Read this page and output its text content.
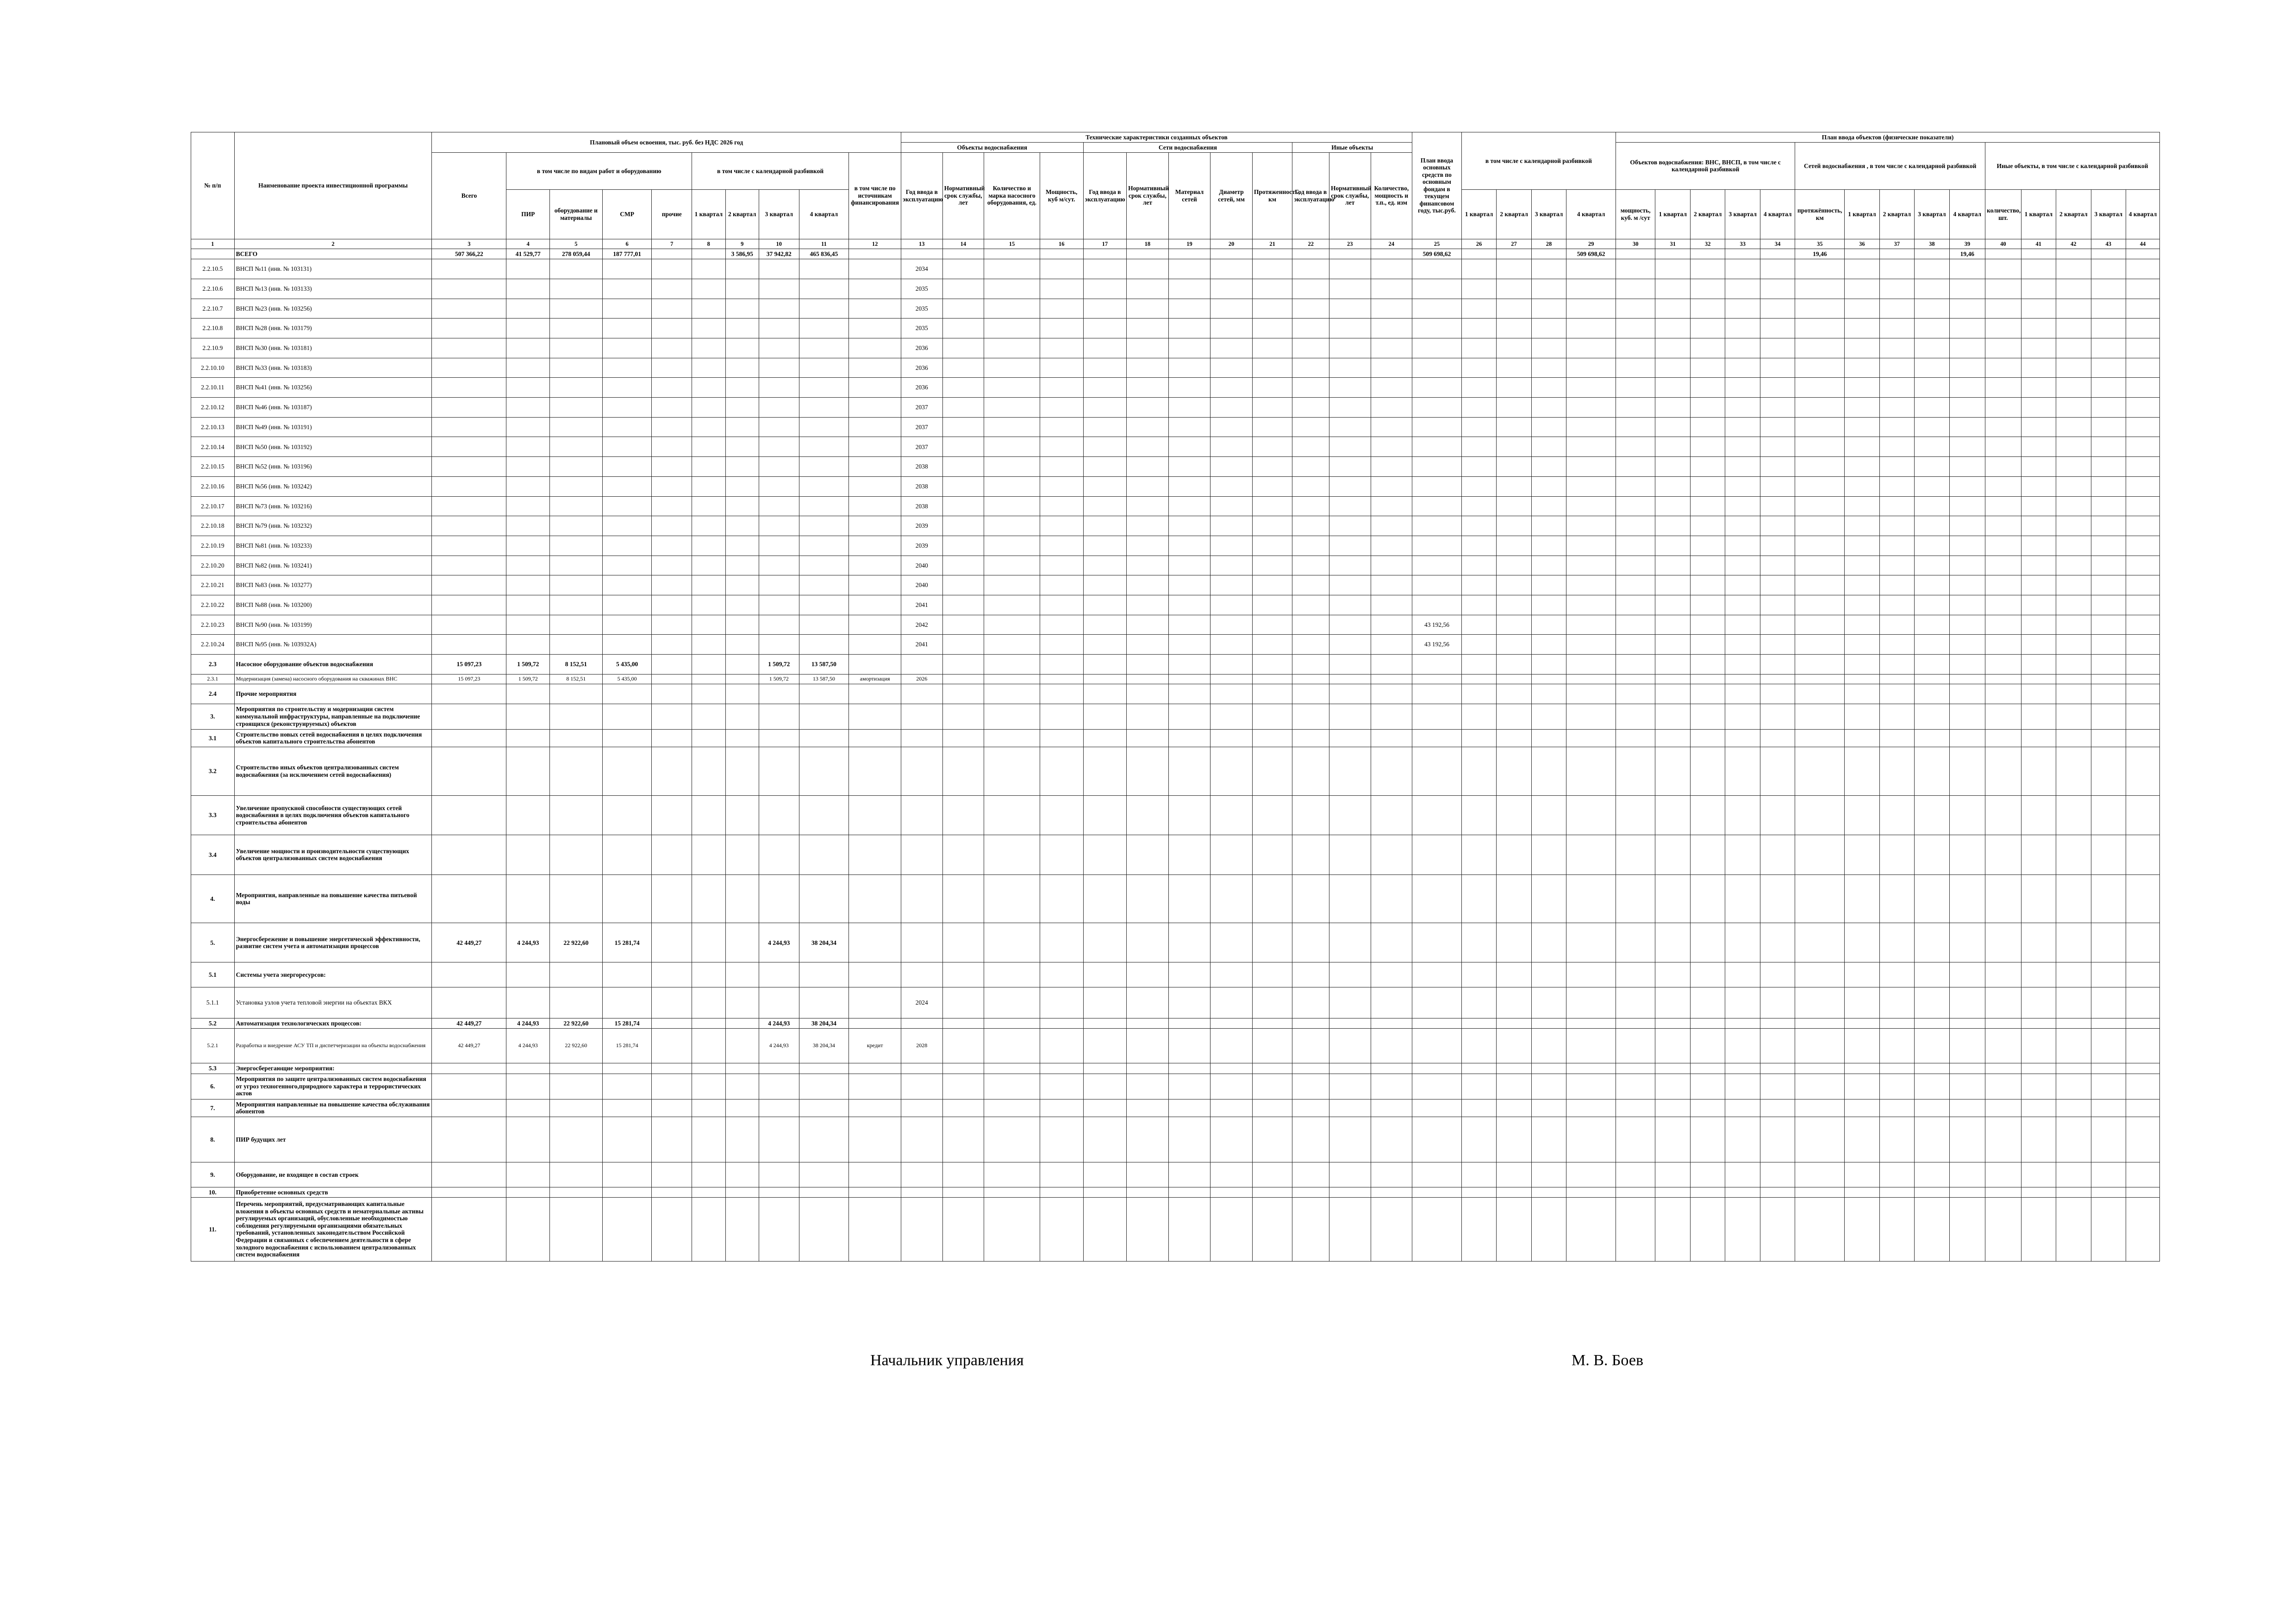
№ п/п	Наименование проекта инвестиционной программы	Плановый объем освоения, тыс. руб. без НДС 2026 год										Технические характеристики созданных объектов												План ввода основных средств по основным фондам в текущем финансовом году, тыс.руб.	в том числе с календарной разбивкой				План ввода объектов (физические показатели)														
												Объекты водоснабжения				Сети водоснабжения					Иные объекты								Объектов водоснабжения: ВНС, ВНСП, в том числе с календарной разбивкой					Сетей водоснабжения , в том числе с календарной разбивкой					Иные объекты, в том числе с календарной разбивкой				
		Всего	в том числе по видам работ и оборудованию				в том числе с календарной разбивкой				в том числе по источникам финансирования	Год ввода в эксплуатацию	Нормативный срок службы, лет	Количество и марка насосного оборудования, ед.	Мощность, куб м/сут.	Год ввода в эксплуатацию	Нормативный срок службы, лет	Материал сетей	Диаметр сетей, мм	Протяженность, км	Год ввода в эксплуатацию	Нормативный срок службы, лет	Количество, мощность и т.п., ед. изм																				
			ПИР	оборудование и материалы	СМР	прочие	1 квартал	2 квартал	3 квартал	4 квартал															1 квартал	2 квартал	3 квартал	4 квартал	мощность, куб. м /сут	1 квартал	2 квартал	3 квартал	4 квартал	протяжённость, км	1 квартал	2 квартал	3 квартал	4 квартал	количество, шт.	1 квартал	2 квартал	3 квартал	4 квартал
1	2	3	4	5	6	7	8	9	10	11	12	13	14	15	16	17	18	19	20	21	22	23	24	25	26	27	28	29	30	31	32	33	34	35	36	37	38	39	40	41	42	43	44
	ВСЕГО	507 366,22	41 529,77	278 059,44	187 777,01			3 586,95	37 942,82	465 836,45														509 698,62				509 698,62						19,46				19,46					
2.2.10.5	ВНСП №11 (инв. № 103131)											2034																															
2.2.10.6	ВНСП №13 (инв. № 103133)											2035																															
2.2.10.7	ВНСП №23 (инв. № 103256)											2035																															
2.2.10.8	ВНСП №28 (инв. № 103179)											2035																															
2.2.10.9	ВНСП №30 (инв. № 103181)											2036																															
2.2.10.10	ВНСП №33 (инв. № 103183)											2036																															
2.2.10.11	ВНСП №41 (инв. № 103256)											2036																															
2.2.10.12	ВНСП №46 (инв. № 103187)											2037																															
2.2.10.13	ВНСП №49 (инв. № 103191)											2037																															
2.2.10.14	ВНСП №50 (инв. № 103192)											2037																															
2.2.10.15	ВНСП №52 (инв. № 103196)											2038																															
2.2.10.16	ВНСП №56 (инв. № 103242)											2038																															
2.2.10.17	ВНСП №73 (инв. № 103216)											2038																															
2.2.10.18	ВНСП №79 (инв. № 103232)											2039																															
2.2.10.19	ВНСП №81 (инв. № 103233)											2039																															
2.2.10.20	ВНСП №82 (инв. № 103241)											2040																															
2.2.10.21	ВНСП №83 (инв. № 103277)											2040																															
2.2.10.22	ВНСП №88 (инв. № 103200)											2041																															
2.2.10.23	ВНСП №90 (инв. № 103199)											2042												43 192,56																			
2.2.10.24	ВНСП №95 (инв. № 103932А)											2041												43 192,56																			
2.3	Насосное оборудование объектов водоснабжения	15 097,23	1 509,72	8 152,51	5 435,00				1 509,72	13 587,50																																	
2.3.1	Модернизация (замена) насосного оборудования на скважинах ВНС	15 097,23	1 509,72	8 152,51	5 435,00				1 509,72	13 587,50	амортизация	2026																															
2.4	Прочие мероприятия																																										
3.	Мероприятия по строительству и модернизации систем коммунальной инфраструктуры, направленные на подключение строящихся (реконструируемых) объектов																																										
3.1	Строительство новых сетей водоснабжения в целях подключения объектов капитального строительства абонентов																																										
3.2	Строительство иных объектов централизованных систем водоснабжения (за исключением сетей водоснабжения)																																										
3.3	Увеличение пропускной способности существующих сетей водоснабжения в целях подключения объектов капитального строительства абонентов																																										
3.4	Увеличение мощности и производительности существующих объектов централизованных систем водоснабжения																																										
4.	Мероприятия, направленные на повышение качества питьевой воды																																										
5.	Энергосбережение и повышение энергетической эффективности, развитие систем учета и автоматизации процессов	42 449,27	4 244,93	22 922,60	15 281,74				4 244,93	38 204,34																																	
5.1	Системы учета энергоресурсов:																																										
5.1.1	Установка узлов учета тепловой энергии на объектах ВКХ											2024																															
5.2	Автоматизация технологических процессов:	42 449,27	4 244,93	22 922,60	15 281,74				4 244,93	38 204,34																																	
5.2.1	Разработка и внедрение АСУ ТП и диспетчеризации на объекты водоснабжения	42 449,27	4 244,93	22 922,60	15 281,74				4 244,93	38 204,34	кредит	2028																															
5.3	Энергосберегающие мероприятия:																																										
6.	Мероприятия по защите централизованных систем водоснабжения от угроз техногенного,природного характера и террористических актов																																										
7.	Мероприятия направленные на повышение качества обслуживания абонентов																																										
8.	ПИР будущих лет																																										
9.	Оборудование, не входящее в состав строек																																										
10.	Приобретение основных средств																																										
11.	Перечень мероприятий, предусматривающих капитальные вложения в объекты основных средств и нематериальные активы регулируемых организаций, обусловленные необходимостью соблюдения регулируемыми организациями обязательных требований, установленных законодательством Российской Федерации и связанных с обеспечением деятельности в сфере холодного водоснабжения с использованием централизованных систем водоснабжения																																										
Начальник управления	М. В. Боев
